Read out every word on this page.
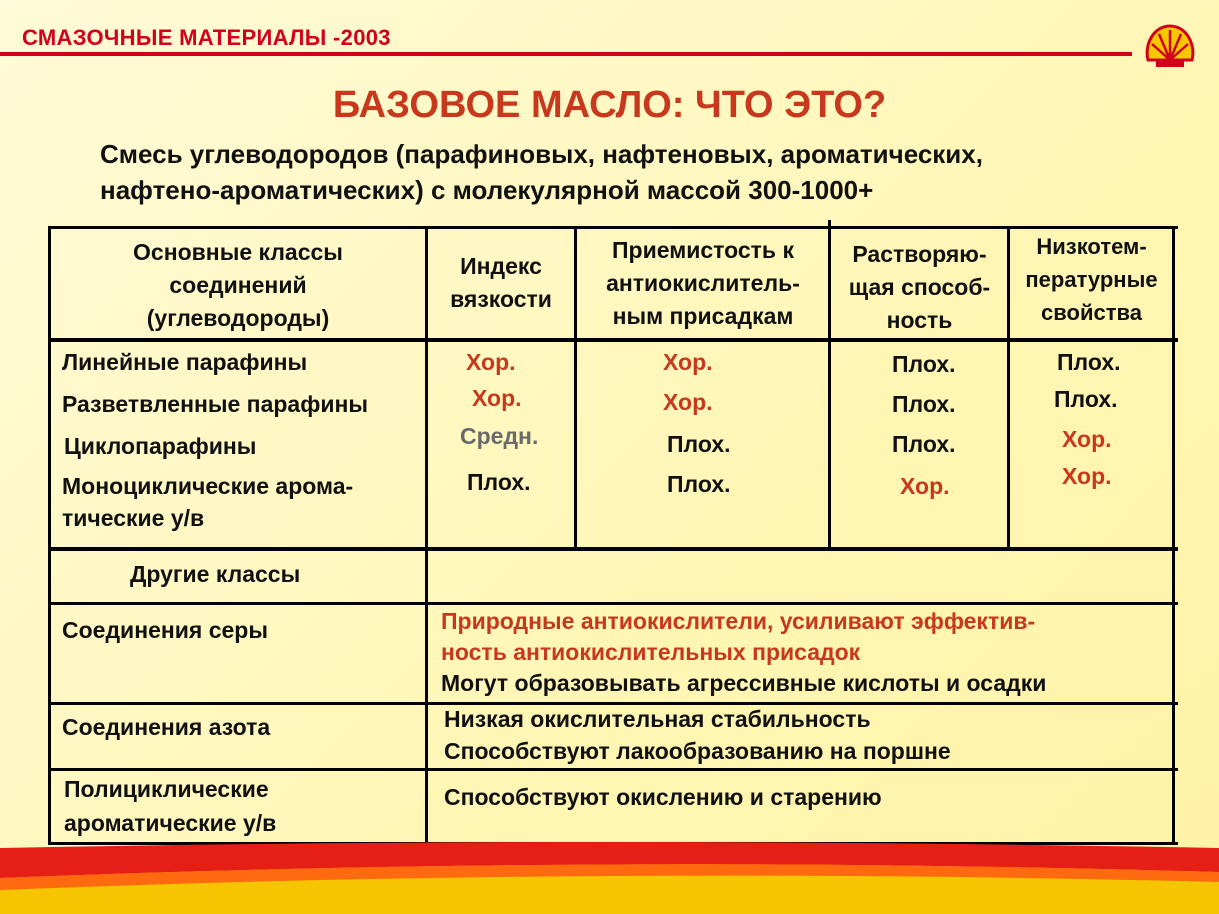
СМАЗОЧНЫЕ МАТЕРИАЛЫ -2003
БАЗОВОЕ МАСЛО: ЧТО ЭТО?
Смесь углеводородов (парафиновых, нафтеновых, ароматических,
нафтено-ароматических) с молекулярной массой 300-1000+
Основные классы
соединений
(углеводороды)
Индекс
вязкости
Приемистость к
антиокислитель-
ным присадкам
Растворяю-
щая способ-
ность
Низкотем-
пературные
свойства
Линейные парафины
Разветвленные парафины
Циклопарафины
Моноциклические арома-
тические у/в
Хор.
Хор.
Средн.
Плох.
Хор.
Хор.
Плох.
Плох.
Плох.
Плох.
Плох.
Хор.
Плох.
Плох.
Хор.
Хор.
Другие классы
Соединения серы	Природные антиокислители, усиливают эффектив-
ность антиокислительных присадок
Могут образовывать агрессивные кислоты и осадки
Соединения азота	Низкая окислительная стабильность
Способствуют лакообразованию на поршне
Полициклические
ароматические у/в
Способствуют окислению и старению
